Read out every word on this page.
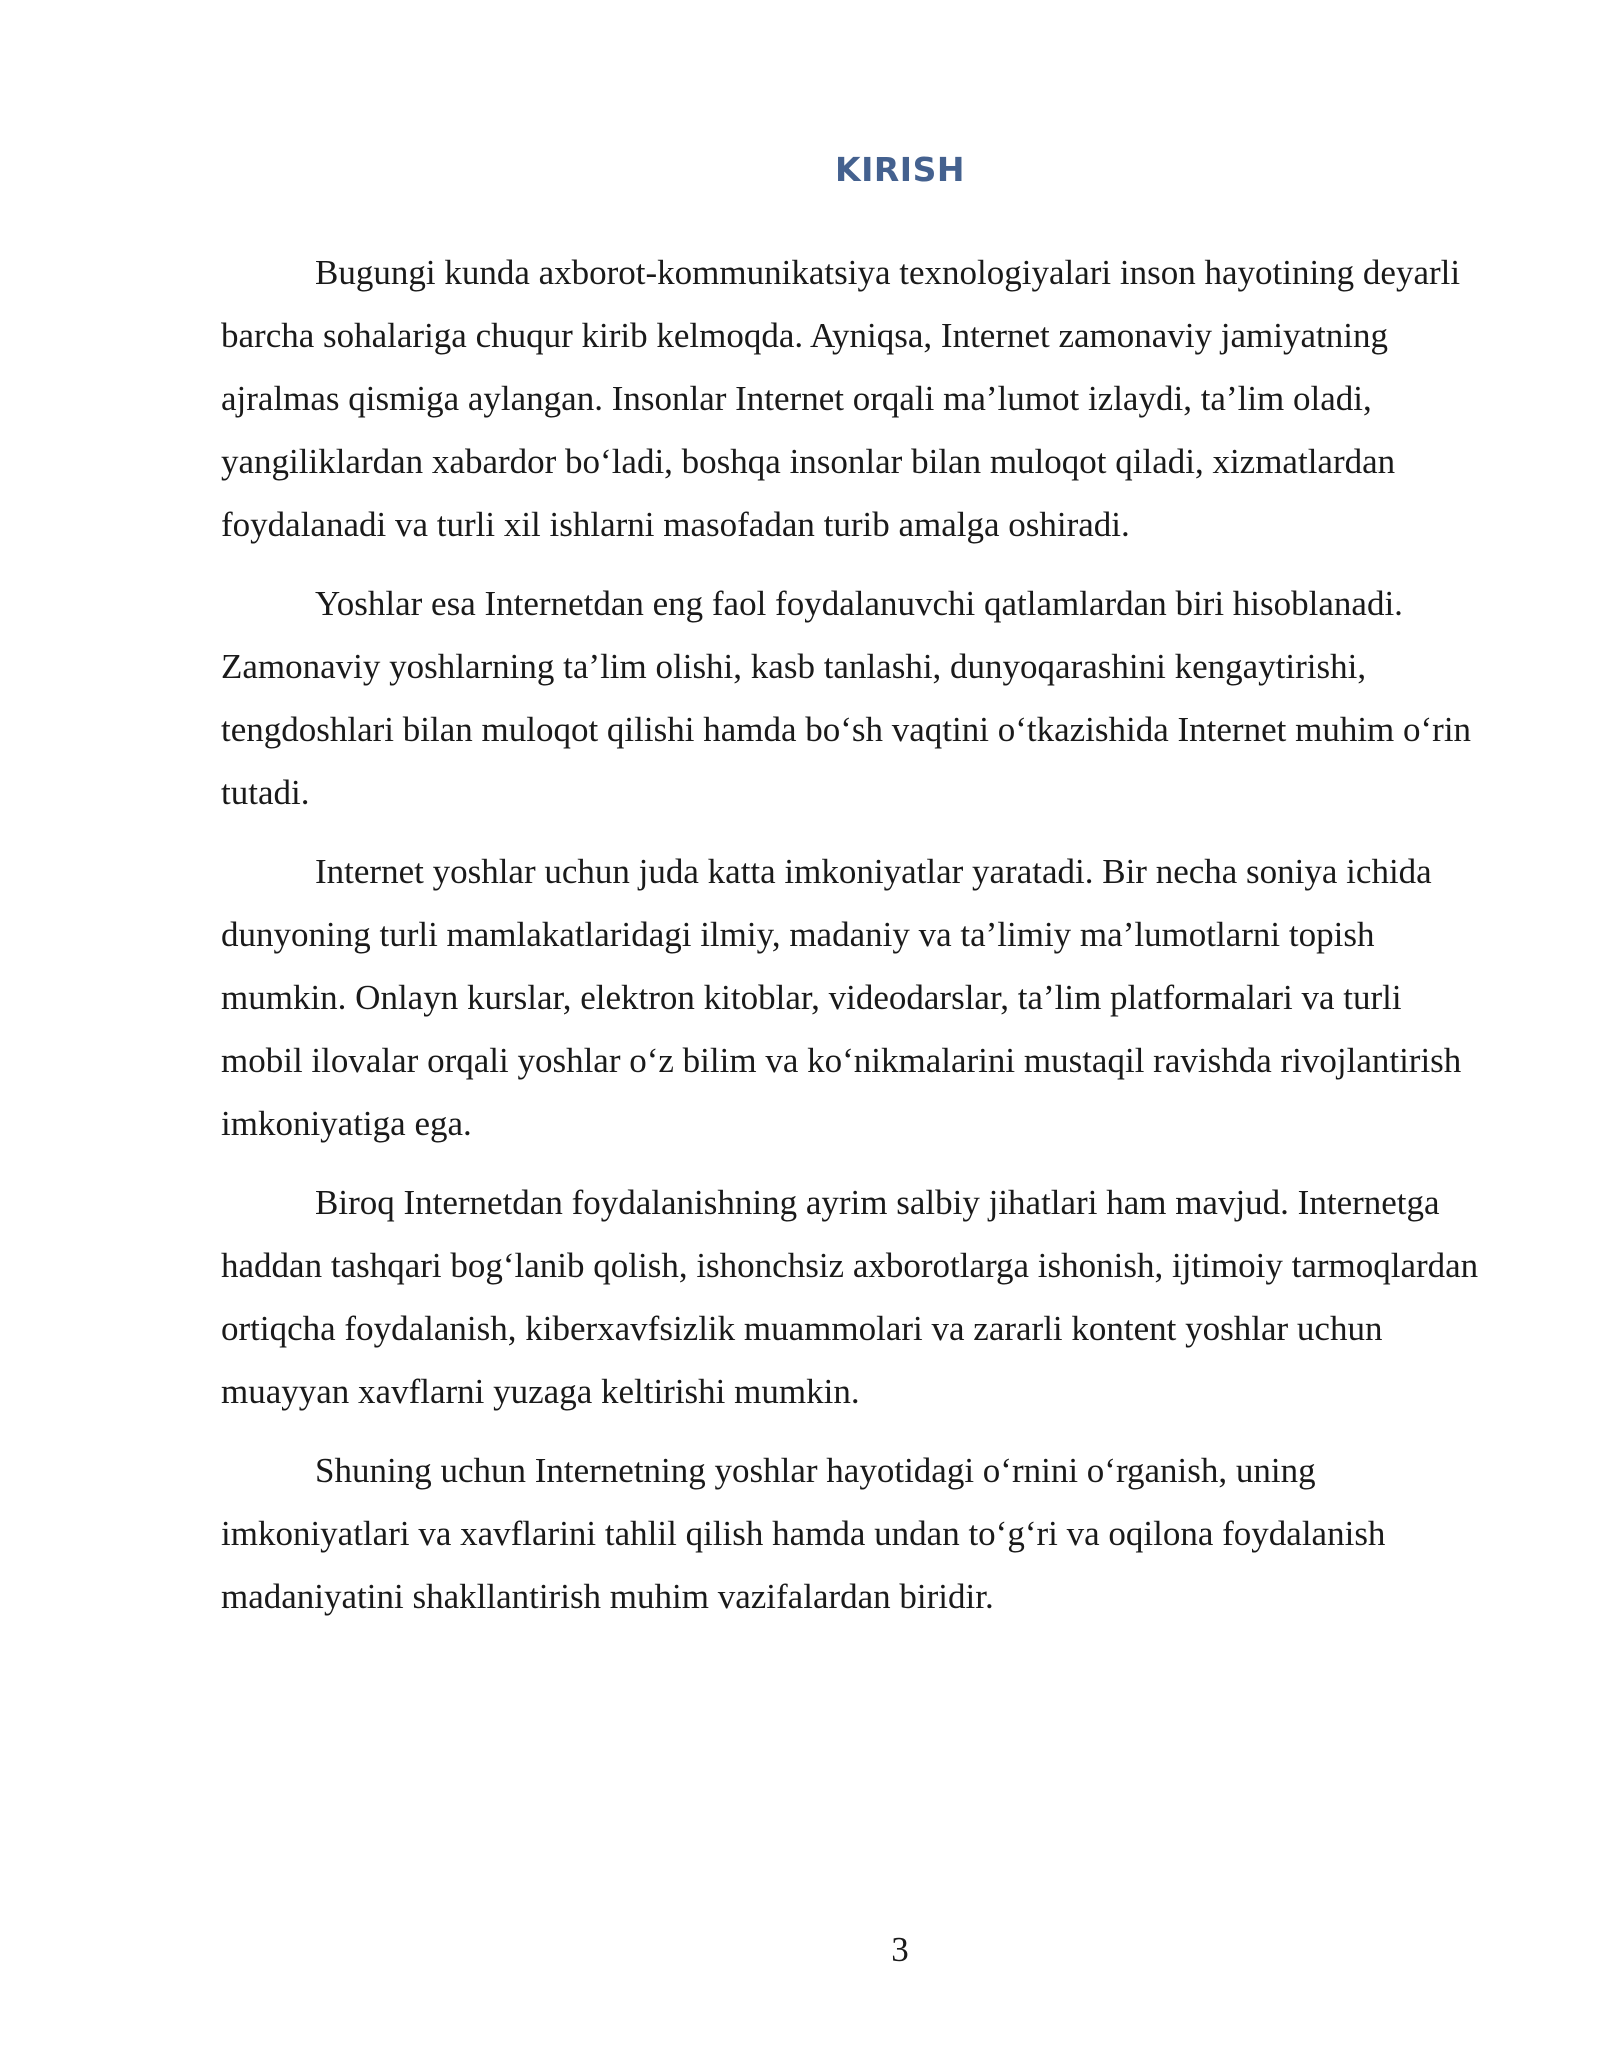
KIRISH

Bugungi kunda axborot-kommunikatsiya texnologiyalari inson hayotining deyarli barcha sohalariga chuqur kirib kelmoqda. Ayniqsa, Internet zamonaviy jamiyatning ajralmas qismiga aylangan. Insonlar Internet orqali ma’lumot izlaydi, ta’lim oladi, yangiliklardan xabardor bo‘ladi, boshqa insonlar bilan muloqot qiladi, xizmatlardan foydalanadi va turli xil ishlarni masofadan turib amalga oshiradi.

Yoshlar esa Internetdan eng faol foydalanuvchi qatlamlardan biri hisoblanadi. Zamonaviy yoshlarning ta’lim olishi, kasb tanlashi, dunyoqarashini kengaytirishi, tengdoshlari bilan muloqot qilishi hamda bo‘sh vaqtini o‘tkazishida Internet muhim o‘rin tutadi.

Internet yoshlar uchun juda katta imkoniyatlar yaratadi. Bir necha soniya ichida dunyoning turli mamlakatlaridagi ilmiy, madaniy va ta’limiy ma’lumotlarni topish mumkin. Onlayn kurslar, elektron kitoblar, videodarslar, ta’lim platformalari va turli mobil ilovalar orqali yoshlar o‘z bilim va ko‘nikmalarini mustaqil ravishda rivojlantirish imkoniyatiga ega.

Biroq Internetdan foydalanishning ayrim salbiy jihatlari ham mavjud. Internetga haddan tashqari bog‘lanib qolish, ishonchsiz axborotlarga ishonish, ijtimoiy tarmoqlardan ortiqcha foydalanish, kiberxavfsizlik muammolari va zararli kontent yoshlar uchun muayyan xavflarni yuzaga keltirishi mumkin.

Shuning uchun Internetning yoshlar hayotidagi o‘rnini o‘rganish, uning imkoniyatlari va xavflarini tahlil qilish hamda undan to‘g‘ri va oqilona foydalanish madaniyatini shakllantirish muhim vazifalardan biridir.

3
